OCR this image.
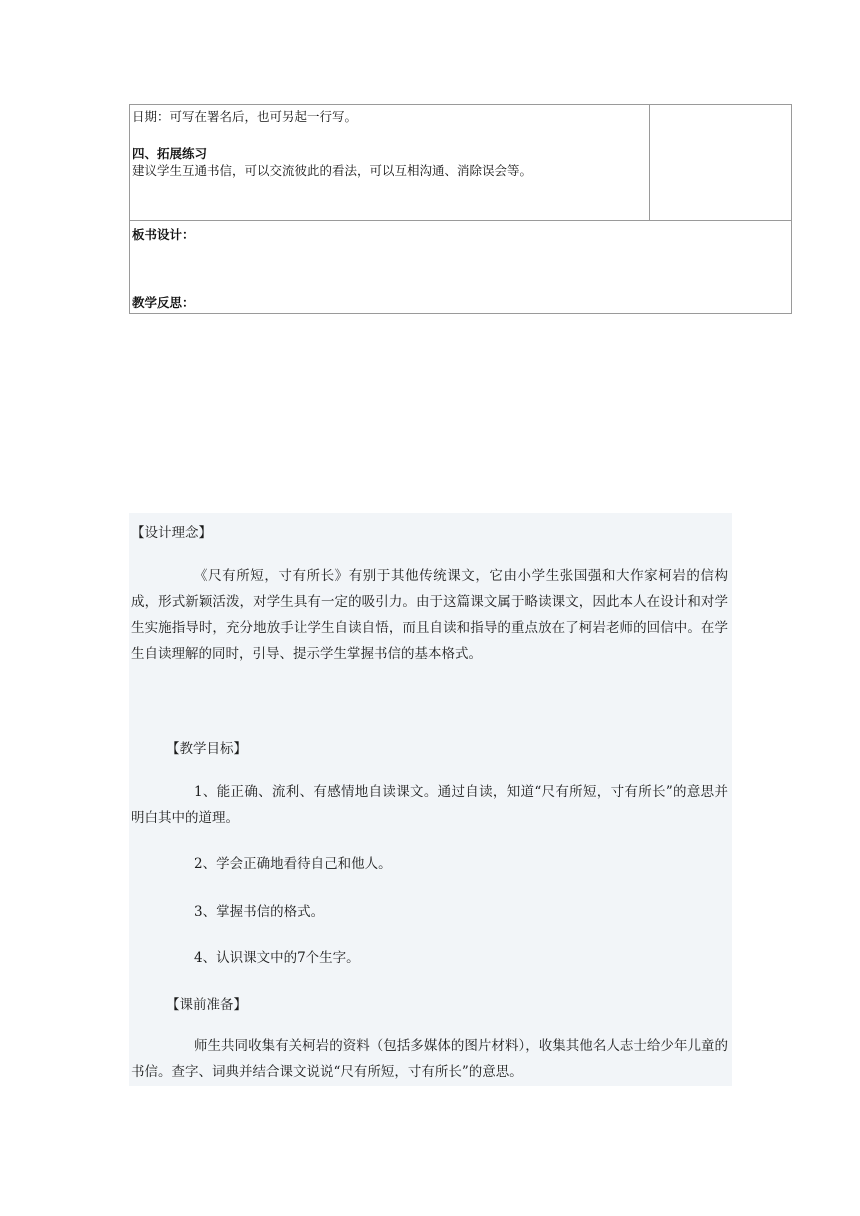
日期：可写在署名后，也可另起一行写。
四、拓展练习
建议学生互通书信，可以交流彼此的看法，可以互相沟通、消除误会等。
板书设计：
教学反思：

【设计理念】

《尺有所短，寸有所长》有别于其他传统课文，它由小学生张国强和大作家柯岩的信构成，形式新颖活泼，对学生具有一定的吸引力。由于这篇课文属于略读课文，因此本人在设计和对学生实施指导时，充分地放手让学生自读自悟，而且自读和指导的重点放在了柯岩老师的回信中。在学生自读理解的同时，引导、提示学生掌握书信的基本格式。

【教学目标】

1、能正确、流利、有感情地自读课文。通过自读，知道“尺有所短，寸有所长”的意思并明白其中的道理。

2、学会正确地看待自己和他人。

3、掌握书信的格式。

4、认识课文中的7个生字。

【课前准备】

师生共同收集有关柯岩的资料（包括多媒体的图片材料），收集其他名人志士给少年儿童的书信。查字、词典并结合课文说说“尺有所短，寸有所长”的意思。
